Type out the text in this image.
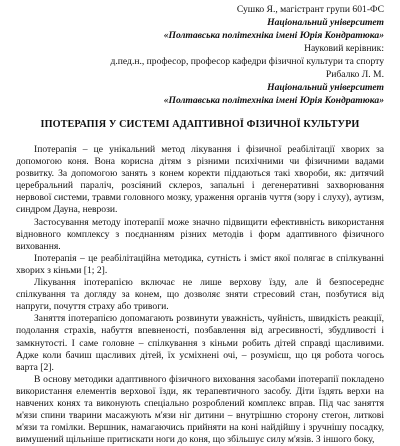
Сушко Я., магістрант групи 601-ФС
Національний університет
«Полтавська політехніка імені Юрія Кондратюка»
Науковий керівник:
д.пед.н., професор, професор кафедри фізичної культури та спорту
Рибалко Л. М.
Національний університет
«Полтавська політехніка імені Юрія Кондратюка»
ІПОТЕРАПІЯ У СИСТЕМІ АДАПТИВНОЇ ФІЗИЧНОЇ КУЛЬТУРИ

Іпотерапія – це унікальний метод лікування і фізичної реабілітації хворих за допомогою коня. Вона корисна дітям з різними психічними чи фізичними вадами розвитку. За допомогою занять з конем коректи піддаються такі хвороби, як: дитячий церебральний параліч, розсіяний склероз, запальні і дегенеративні захворювання нервової системи, травми головного мозку, ураження органів чуття (зору і слуху), аутизм, синдром Дауна, неврози.

Застосування методу іпотерапії може значно підвищити ефективність використання відновного комплексу з поєднанням різних методів і форм адаптивного фізичного виховання.

Іпотерапія – це реабілітаційна методика, сутність і зміст якої полягає в спілкуванні хворих з кіньми [1; 2].

Лікування іпотерапією включає не лише верхову їзду, але й безпосереднє спілкування та догляду за конем, що дозволяє зняти стресовий стан, позбутися від напруги, почуття страху або тривоги.

Заняття іпотерапією допомагають розвинути уважність, чуйність, швидкість реакції, подолання страхів, набуття впевненості, позбавлення від агресивності, збудливості і замкнутості. І саме головне – спілкування з кіньми робить дітей справді щасливими. Адже коли бачиш щасливих дітей, їх усміхнені очі, – розумієш, що ця робота чогось варта [2].

В основу методики адаптивного фізичного виховання засобами іпотерапії покладено використання елементів верхової їзди, як терапевтичного засобу. Діти їздять верхи на навчених конях та виконують спеціально розроблений комплекс вправ. Під час заняття м'язи спини тварини масажують м'язи ніг дитини – внутрішню сторону стегон, литкові м'язи та гомілки. Вершник, намагаючись прийняти на коні найдійшу і зручнішу посадку, вимушений щільніше притискати ноги до коня, що збільшує силу м'язів. З іншого боку,
